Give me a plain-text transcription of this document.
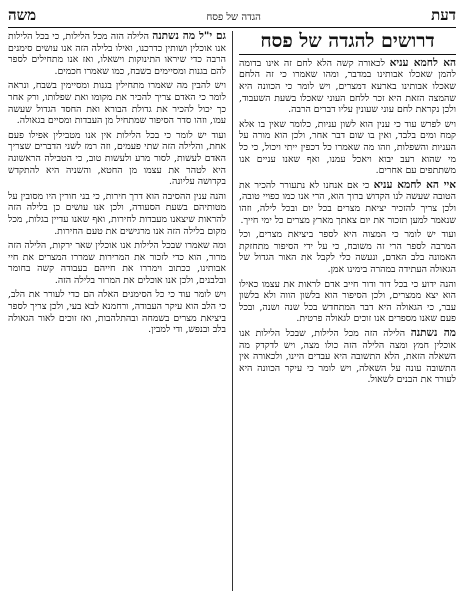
דעת
הגדה של פסח
משה
דרושים להגדה של פסח

הא לחמא עניא לכאורה קשה הלא לחם זה אינו בדומה להמן שאכלו אבותינו במדבר, ומהו שאמרו כי זה הלחם שאכלו אבותינו בארעא דמצרים, ויש לומר כי הכוונה היא שהמצה הזאת היא זכר ללחם העוני שאכלו בשעת השעבוד, ולכן נקראת לחם עוני שעונין עליו דברים הרבה.

ויש לפרש עוד כי ענין הוא לשון עניות, כלומר שאין בו אלא קמח ומים בלבד, ואין בו שום דבר אחר, ולכן הוא מורה על העניות והשפלות, וזהו מה שאמרו כל דכפין ייתי ויכול, כי כל מי שהוא רעב יבוא ויאכל עמנו, ואף שאנו עניים אנו משתתפים עם אחרים.

איי הא לחמא עניא כי אם אנחנו לא נתעורר להכיר את הטובה שעשה לנו הקדוש ברוך הוא, הרי אנו כמו כפויי טובה, ולכן צריך להזכיר יציאת מצרים בכל יום ובכל לילה, וזהו שנאמר למען תזכור את יום צאתך מארץ מצרים כל ימי חייך.

ועוד יש לומר כי המצוה היא לספר ביציאת מצרים, וכל המרבה לספר הרי זה משובח, כי על ידי הסיפור מתחזקת האמונה בלב האדם, ונעשה כלי לקבל את האור הגדול של הגאולה העתידה במהרה בימינו אמן.

והנה ידוע כי בכל דור ודור חייב אדם לראות את עצמו כאילו הוא יצא ממצרים, ולכן הסיפור הוא בלשון הווה ולא בלשון עבר, כי הגאולה היא דבר המתחדש בכל שנה ושנה, ובכל פעם שאנו מספרים אנו זוכים לגאולה פרטית.

מה נשתנה הלילה הזה מכל הלילות, שבכל הלילות אנו אוכלין חמץ ומצה הלילה הזה כולו מצה, ויש לדקדק מה השאלה הזאת, הלא התשובה היא עבדים היינו, ולכאורה אין התשובה עונה על השאלה, ויש לומר כי עיקר הכוונה היא לעורר את הבנים לשאול.

גם י"ל מה נשתנה הלילה הזה מכל הלילות, כי בכל הלילות אנו אוכלין ושותין כדרכנו, ואילו בלילה הזה אנו עושים סימנים הרבה כדי שיראו התינוקות וישאלו, ואז אנו מתחילים לספר להם בגנות ומסיימים בשבח, כמו שאמרו חכמים.

ויש להבין מה שאמרו מתחילין בגנות ומסיימין בשבח, ונראה לומר כי האדם צריך להכיר את מקומו ואת שפלותו, ורק אחר כך יכול להכיר את גדולת הבורא ואת החסד הגדול שעשה עמו, וזהו סדר הסיפור שמתחיל מן העבדות ומסיים בגאולה.

ועוד יש לומר כי בכל הלילות אין אנו מטבילין אפילו פעם אחת, והלילה הזה שתי פעמים, וזה רמז לשני הדברים שצריך האדם לעשות, לסור מרע ולעשות טוב, כי הטבילה הראשונה היא לטהר את עצמו מן החטא, והשניה היא להתקדש בקדושה עליונה.

והנה ענין ההסיבה הוא דרך חירות, כי בני חורין היו מסובין על מטותיהם בשעת הסעודה, ולכן אנו עושים כן בלילה הזה להראות שיצאנו מעבדות לחירות, ואף שאנו עדיין בגלות, מכל מקום בלילה הזה אנו מרגישים את טעם החירות.

ומה שאמרו שבכל הלילות אנו אוכלין שאר ירקות, הלילה הזה מרור, הוא כדי לזכור את המרירות שמררו המצרים את חיי אבותינו, ככתוב וימררו את חייהם בעבודה קשה בחומר ובלבנים, ולכן אנו אוכלים את המרור בלילה הזה.

ויש לומר עוד כי כל הסימנים האלה הם כדי לעורר את הלב, כי הלב הוא עיקר העבודה, ורחמנא לבא בעי, ולכן צריך לספר ביציאת מצרים בשמחה ובהתלהבות, ואז זוכים לאור הגאולה בלב ובנפש, ודי למבין.
